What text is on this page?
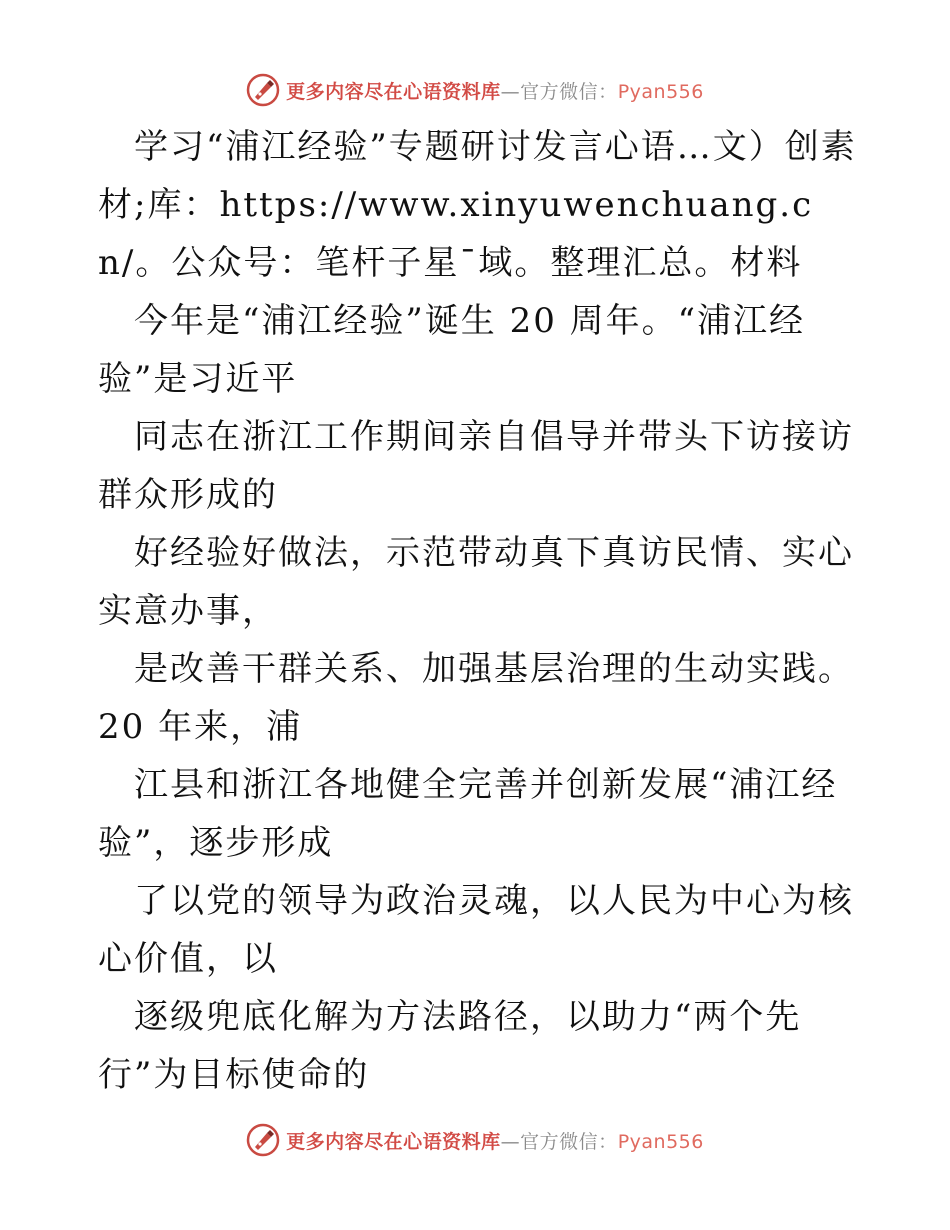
更多内容尽在心语资料库—官方微信：Pyan556

学习“浦江经验”专题研讨发言心语…文）创素材;库：https://www.xinyuwenchuang.cn/。公众号：笔杆子星¯域。整理汇总。材料

今年是“浦江经验”诞生 20 周年。“浦江经验”是习近平

同志在浙江工作期间亲自倡导并带头下访接访群众形成的

好经验好做法，示范带动真下真访民情、实心实意办事，

是改善干群关系、加强基层治理的生动实践。20 年来，浦

江县和浙江各地健全完善并创新发展“浦江经验”，逐步形成

了以党的领导为政治灵魂，以人民为中心为核心价值，以

逐级兜底化解为方法路径，以助力“两个先行”为目标使命的

更多内容尽在心语资料库—官方微信：Pyan556
